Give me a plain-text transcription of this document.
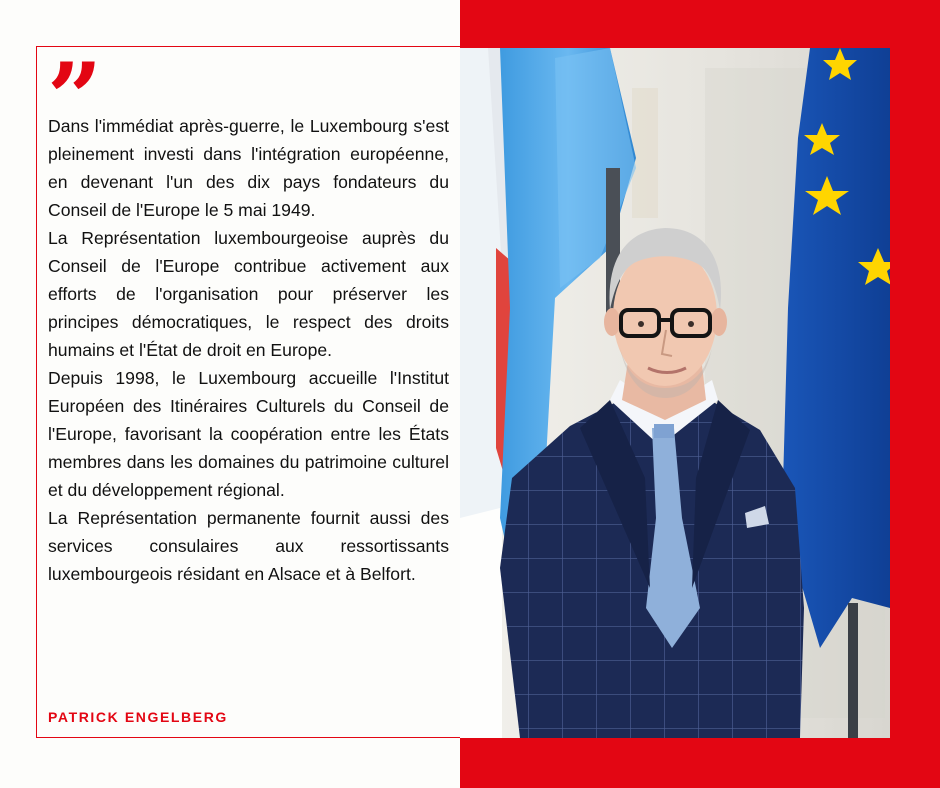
”

Dans l'immédiat après-guerre, le Luxembourg s'est pleinement investi dans l'intégration européenne, en devenant l'un des dix pays fondateurs du Conseil de l'Europe le 5 mai 1949.

La Représentation luxembourgeoise auprès du Conseil de l'Europe contribue activement aux efforts de l'organisation pour préserver les principes démocratiques, le respect des droits humains et l'État de droit en Europe.

Depuis 1998, le Luxembourg accueille l'Institut Européen des Itinéraires Culturels du Conseil de l'Europe, favorisant la coopération entre les États membres dans les domaines du patrimoine culturel et du développement régional.

La Représentation permanente fournit aussi des services consulaires aux ressortissants luxembourgeois résidant en Alsace et à Belfort.

PATRICK ENGELBERG
